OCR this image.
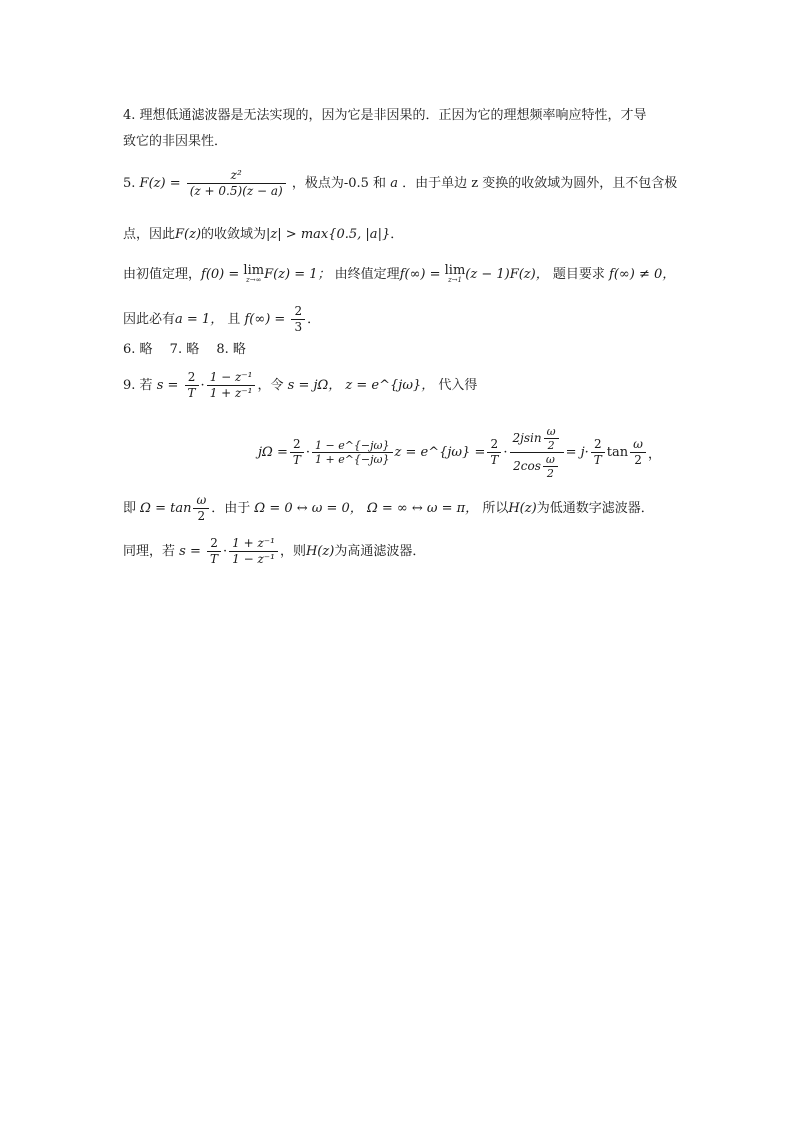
4. 理想低通滤波器是无法实现的，因为它是非因果的．正因为它的理想频率响应特性，才导
致它的非因果性．
5. $F(z) = \frac{\text{z²}}{(z + 0.5)(z - a)}$ ，极点为-0.5 和 a ．由于单边 z 变换的收敛域为圆外，且不包含极
点，因此F(z)的收敛域为|z| > max{0.5, |a|}．
由初值定理，f(0) = lim
z→∞ F(z) = 1； 由终值定理f(∞) = lim
z→1 (z − 1)F(z)， 题目要求 f(∞) ≠ 0，
因此必有a = 1， 且 $f(\infty) = \frac{2}{3}$ ．
6. 略　 7. 略　 8. 略
9. 若 $s = \frac{2}{T} \cdot \frac{\text{1 − z⁻¹}}{\text{1 + z⁻¹}}$ ，令 s = jΩ， z = e^{jω}， 代入得
$j\Omega = \frac{2}{T} \cdot \frac{1 - e\^{}\{-j\omega\}}{1 + e\^{}\{-j\omega\}}$ z = e^{jω}
= $\frac{2}{T} \cdot \frac{2jsin \frac{\omega}{2}}{2\cos \frac{\omega}{2}} = j\cdot \frac{2}{T}$ $\tan \frac{\omega}{2}$ ，
即 $\Omega = \tan \frac{\omega}{2}$ ．由于 Ω = 0 ↔ ω = 0， Ω = ∞ ↔ ω = π， 所以H(z)为低通数字滤波器．
同理，若 $s = \frac{2}{T} \cdot \frac{\text{1 + z⁻¹}}{\text{1 − z⁻¹}}$ ，则H(z)为高通滤波器．
